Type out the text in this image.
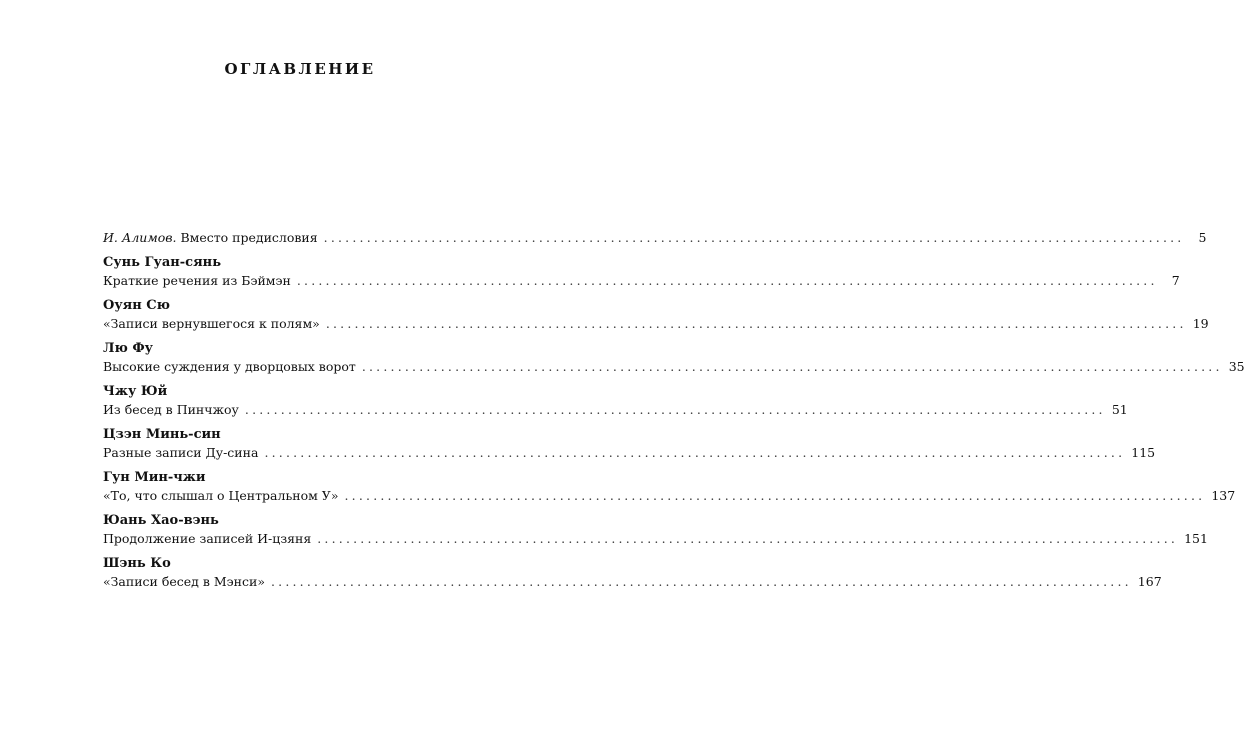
ОГЛАВЛЕНИЕ
И. Алимов. Вместо предисловия ........................................................................................................................	5
Сунь Гуан-сянь
Краткие речения из Бэймэн ........................................................................................................................	7
Оуян Сю
«Записи вернувшегося к полям» ........................................................................................................................ 19
Лю Фу
Высокие суждения у дворцовых ворот ........................................................................................................................ 35
Чжу Юй
Из бесед в Пинчжоу ........................................................................................................................ 51
Цзэн Минь-син
Разные записи Ду-сина ........................................................................................................................ 115
Гун Мин-чжи
«То, что слышал о Центральном У» ........................................................................................................................ 137
Юань Хао-вэнь
Продолжение записей И-цзяня ........................................................................................................................ 151
Шэнь Ко
«Записи бесед в Мэнси» ........................................................................................................................ 167
